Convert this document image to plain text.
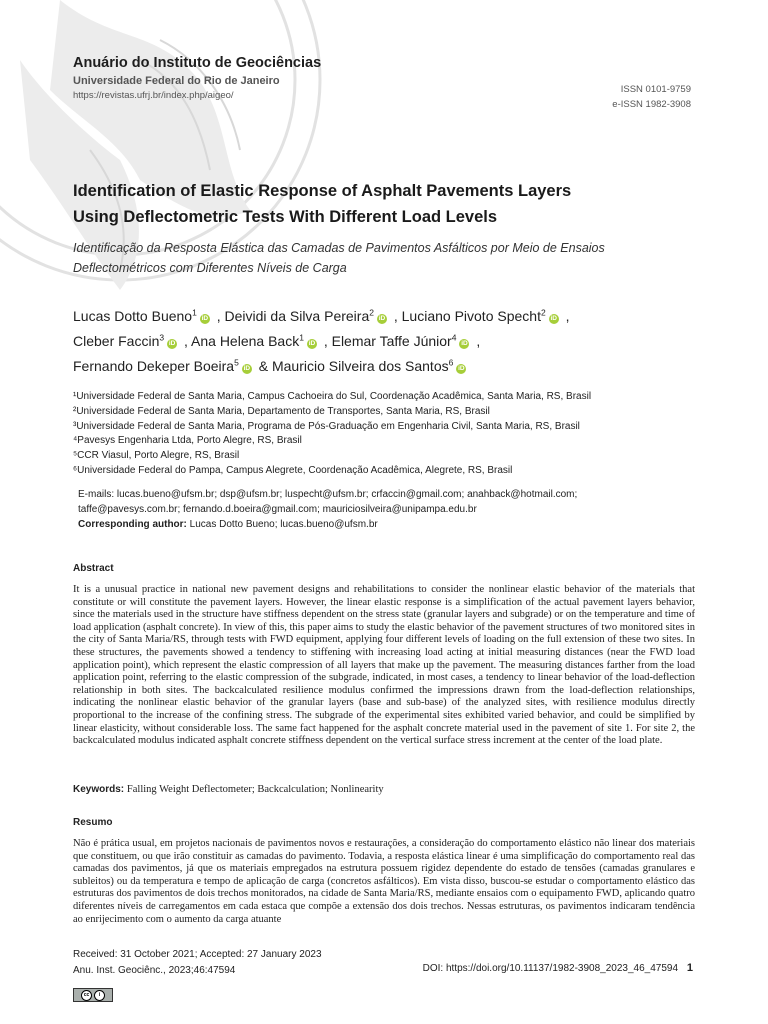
Anuário do Instituto de Geociências
Universidade Federal do Rio de Janeiro
https://revistas.ufrj.br/index.php/aigeo/
ISSN 0101-9759
e-ISSN 1982-3908
Identification of Elastic Response of Asphalt Pavements Layers
Using Deflectometric Tests With Different Load Levels
Identificação da Resposta Elástica das Camadas de Pavimentos Asfálticos por Meio de Ensaios
Deflectométricos com Diferentes Níveis de Carga
Lucas Dotto Bueno$^1$iD , Deividi da Silva Pereira$^2$iD , Luciano Pivoto Specht$^2$iD ,
Cleber Faccin$^3$iD , Ana Helena Back$^1$iD , Elemar Taffe Júnior$^4$iD ,
Fernando Dekeper Boeira$^5$iD & Mauricio Silveira dos Santos$^6$iD
¹Universidade Federal de Santa Maria, Campus Cachoeira do Sul, Coordenação Acadêmica, Santa Maria, RS, Brasil
²Universidade Federal de Santa Maria, Departamento de Transportes, Santa Maria, RS, Brasil
³Universidade Federal de Santa Maria, Programa de Pós-Graduação em Engenharia Civil, Santa Maria, RS, Brasil
⁴Pavesys Engenharia Ltda, Porto Alegre, RS, Brasil
⁵CCR Viasul, Porto Alegre, RS, Brasil
⁶Universidade Federal do Pampa, Campus Alegrete, Coordenação Acadêmica, Alegrete, RS, Brasil
E-mails: lucas.bueno@ufsm.br; dsp@ufsm.br; luspecht@ufsm.br; crfaccin@gmail.com; anahback@hotmail.com;
taffe@pavesys.com.br; fernando.d.boeira@gmail.com; mauriciosilveira@unipampa.edu.br
Corresponding author: Lucas Dotto Bueno; lucas.bueno@ufsm.br
Abstract
It is a unusual practice in national new pavement designs and rehabilitations to consider the nonlinear elastic behavior of the materials that constitute or will constitute the pavement layers. However, the linear elastic response is a simplification of the actual pavement layers behavior, since the materials used in the structure have stiffness dependent on the stress state (granular layers and subgrade) or on the temperature and time of load application (asphalt concrete). In view of this, this paper aims to study the elastic behavior of the pavement structures of two monitored sites in the city of Santa Maria/RS, through tests with FWD equipment, applying four different levels of loading on the full extension of these two sites. In these structures, the pavements showed a tendency to stiffening with increasing load acting at initial measuring distances (near the FWD load application point), which represent the elastic compression of all layers that make up the pavement. The measuring distances farther from the load application point, referring to the elastic compression of the subgrade, indicated, in most cases, a tendency to linear behavior of the load-deflection relationship in both sites. The backcalculated resilience modulus confirmed the impressions drawn from the load-deflection relationships, indicating the nonlinear elastic behavior of the granular layers (base and sub-base) of the analyzed sites, with resilience modulus directly proportional to the increase of the confining stress. The subgrade of the experimental sites exhibited varied behavior, and could be simplified by linear elasticity, without considerable loss. The same fact happened for the asphalt concrete material used in the pavement of site 1. For site 2, the backcalculated modulus indicated asphalt concrete stiffness dependent on the vertical surface stress increment at the center of the load plate.
Keywords: Falling Weight Deflectometer; Backcalculation; Nonlinearity
Resumo
Não é prática usual, em projetos nacionais de pavimentos novos e restaurações, a consideração do comportamento elástico não linear dos materiais que constituem, ou que irão constituir as camadas do pavimento. Todavia, a resposta elástica linear é uma simplificação do comportamento real das camadas dos pavimentos, já que os materiais empregados na estrutura possuem rigidez dependente do estado de tensões (camadas granulares e subleitos) ou da temperatura e tempo de aplicação de carga (concretos asfálticos). Em vista disso, buscou-se estudar o comportamento elástico das estruturas dos pavimentos de dois trechos monitorados, na cidade de Santa Maria/RS, mediante ensaios com o equipamento FWD, aplicando quatro diferentes níveis de carregamentos em cada estaca que compõe a extensão dos dois trechos. Nessas estruturas, os pavimentos indicaram tendência ao enrijecimento com o aumento da carga atuante
Received: 31 October 2021; Accepted: 27 January 2023
Anu. Inst. Geociênc., 2023;46:47594	DOI: https://doi.org/10.11137/1982-3908_2023_46_47594 1
cc	i
